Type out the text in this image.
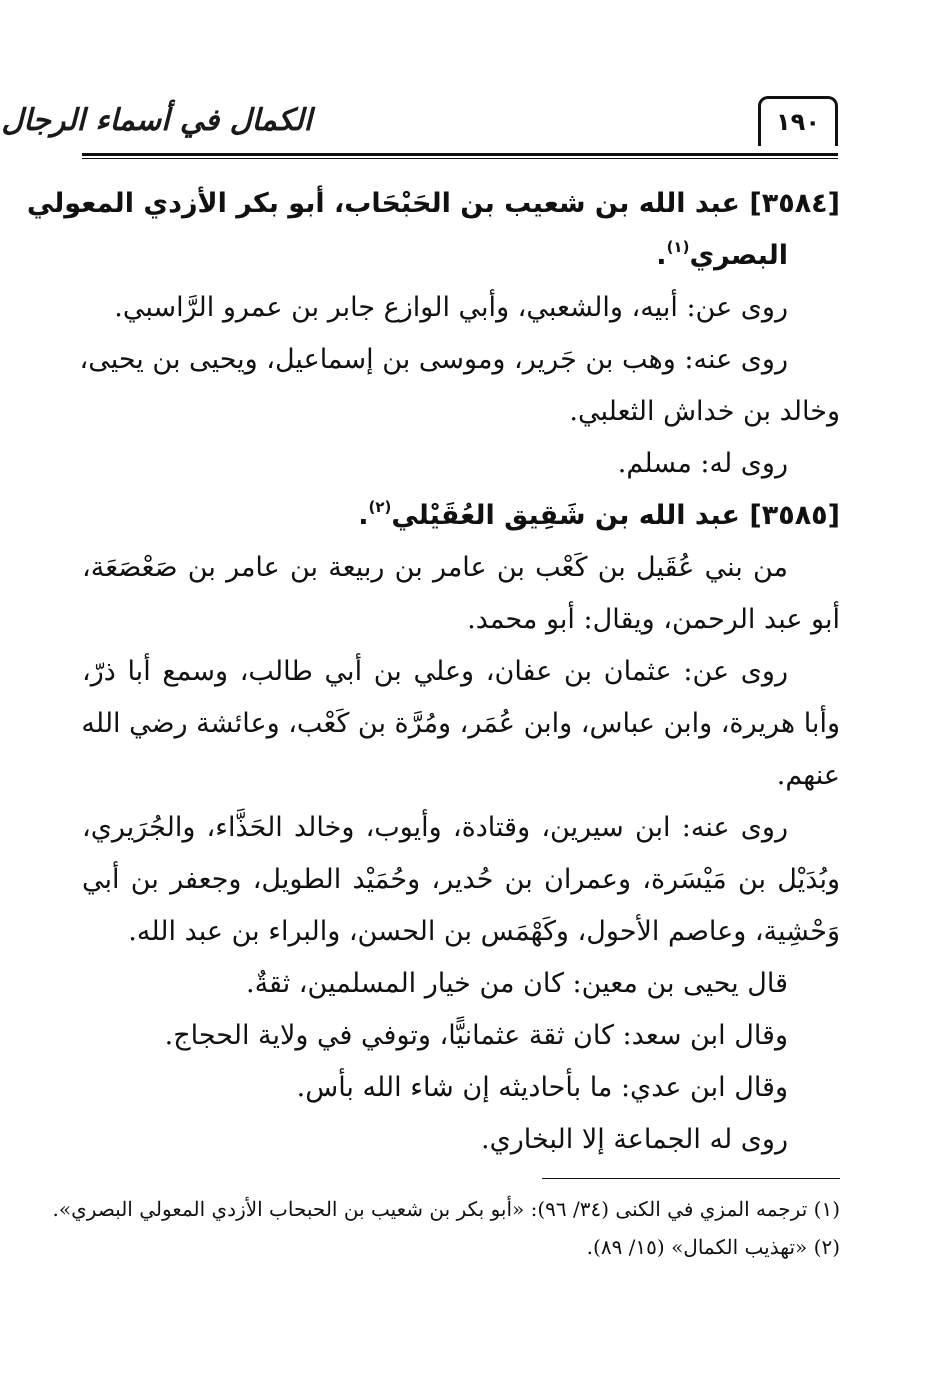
الكمال في أسماء الرجال	١٩٠
[٣٥٨٤] عبد الله بن شعيب بن الحَبْحَاب، أبو بكر الأزدي المعولي
البصري$^{(١)}$.
روى عن: أبيه، والشعبي، وأبي الوازع جابر بن عمرو الرَّاسبي.
روى عنه: وهب بن جَرير، وموسى بن إسماعيل، ويحيى بن يحيى،
وخالد بن خداش الثعلبي.
روى له: مسلم.
[٣٥٨٥] عبد الله بن شَقِيق العُقَيْلي$^{(٢)}$.
من بني عُقَيل بن كَعْب بن عامر بن ربيعة بن عامر بن صَعْصَعَة،
أبو عبد الرحمن، ويقال: أبو محمد.
روى عن: عثمان بن عفان، وعلي بن أبي طالب، وسمع أبا ذرّ،
وأبا هريرة، وابن عباس، وابن عُمَر، ومُرَّة بن كَعْب، وعائشة رضي الله
عنهم.
روى عنه: ابن سيرين، وقتادة، وأيوب، وخالد الحَذَّاء، والجُرَيري،
وبُدَيْل بن مَيْسَرة، وعمران بن حُدير، وحُمَيْد الطويل، وجعفر بن أبي
وَحْشِية، وعاصم الأحول، وكَهْمَس بن الحسن، والبراء بن عبد الله.
قال يحيى بن معين: كان من خيار المسلمين، ثقةٌ.
وقال ابن سعد: كان ثقة عثمانيًّا، وتوفي في ولاية الحجاج.
وقال ابن عدي: ما بأحاديثه إن شاء الله بأس.
روى له الجماعة إلا البخاري.
(١) ترجمه المزي في الكنى (٣٤/ ٩٦): «أبو بكر بن شعيب بن الحبحاب الأزدي المعولي البصري».
(٢) «تهذيب الكمال» (١٥/ ٨٩).
